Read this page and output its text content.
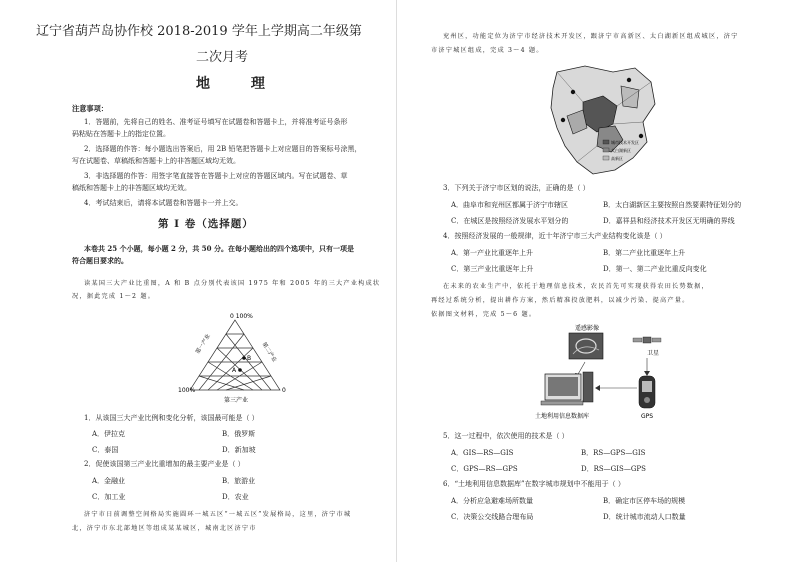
辽宁省葫芦岛协作校 2018-2019 学年上学期高二年级第
二次月考
地 理
注意事项：
1．答题前，先将自己的姓名、准考证号填写在试题卷和答题卡上，并将准考证号条形
码粘贴在答题卡上的指定位置。
2．选择题的作答：每小题选出答案后，用 2B 铅笔把答题卡上对应题目的答案标号涂黑，
写在试题卷、草稿纸和答题卡上的非答题区域均无效。
3．非选择题的作答：用签字笔直接答在答题卡上对应的答题区域内。写在试题卷、草
稿纸和答题卡上的非答题区域均无效。
4．考试结束后，请将本试题卷和答题卡一并上交。
第 I 卷（选择题）
本卷共 25 个小题，每小题 2 分，共 50 分。在每小题给出的四个选项中，只有一项是
符合题目要求的。
读某国三大产业比重图，A 和 B 点分别代表该国 1975 年和 2005 年的三大产业构成状
况，据此完成 1～2 题。
A
B
0 100%
100%	0
第三产业
第一产业	第二产业
1．从该国三大产业比例和变化分析，该国最可能是（ ）
A．伊拉克	B．俄罗斯
C．泰国	D．新加坡
2．促使该国第三产业比重增加的最主要产业是（ ）
A．金融业	B．旅游业
C．加工业	D．农业
济宁市日前调整空间格局实施圆环一城五区“一城五区”发展格局，这里，济宁市城
北，济宁市东北部地区等组成某某城区，城南北区济宁市
兖州区，功能定位为济宁市经济技术开发区，跟济宁市高新区、太白湖新区组成城区，济宁
市济宁城区组成，完成 3～4 题。
城市技术开发区
太白湖新区
高新区
3．下列关于济宁市区划的说法，正确的是（ ）
A．曲阜市和兖州区都属于济宁市辖区	B．太白湖新区主要按照自然要素特征划分的
C．在城区是按照经济发展水平划分的	D．嘉祥县和经济技术开发区无明确的界线
4．按照经济发展的一般规律，近十年济宁市三大产业结构变化该是（ ）
A．第一产业比重逐年上升	B．第二产业比重逐年上升
C．第三产业比重逐年上升	D．第一、第二产业比重反向变化
在未来的农业生产中，依托于地理信息技术，农民首先可实现获得农田长势数据，
再经过系统分析，提出耕作方案，然后精准投放肥料，以减少污染、提高产量。
依据图文材料，完成 5～6 题。
遥感影像
卫星
土地利用信息数据库	GPS
5．这一过程中，依次使用的技术是（ ）
A．GIS—RS—GIS	B．RS—GPS—GIS
C．GPS—RS—GPS	D．RS—GIS—GPS
6．“土地利用信息数据库”在数字城市规划中不能用于（ ）
A．分析应急避难场所数量	B．确定市区停车场的规模
C．决策公交线路合理布局	D．统计城市流动人口数量
